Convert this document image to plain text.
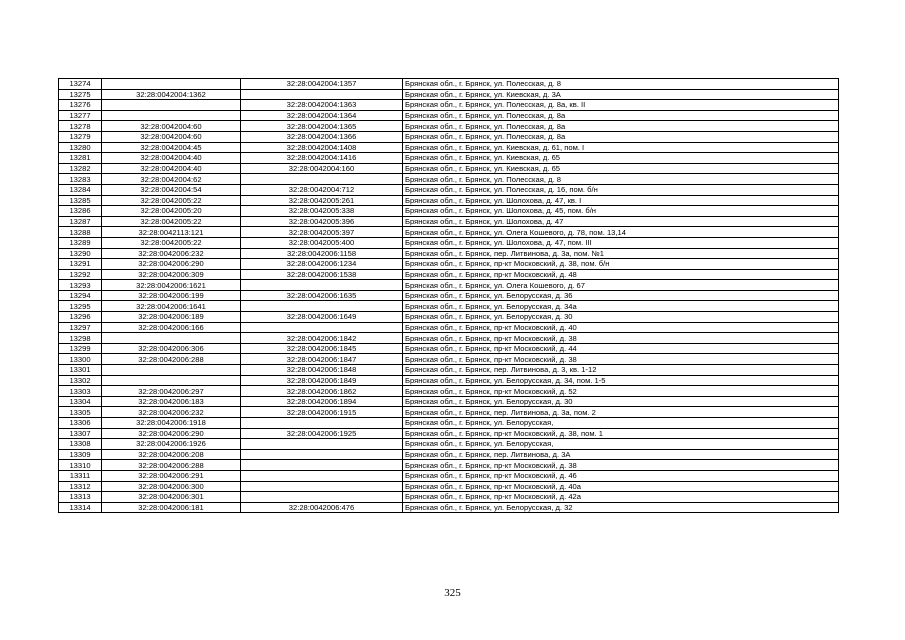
13274		32:28:0042004:1357	Брянская обл., г. Брянск, ул. Полесская, д. 8
13275	32:28:0042004:1362		Брянская обл., г. Брянск, ул. Киевская, д. 3А
13276		32:28:0042004:1363	Брянская обл., г. Брянск, ул. Полесская, д. 8а, кв. II
13277		32:28:0042004:1364	Брянская обл., г. Брянск, ул. Полесская, д. 8а
13278	32:28:0042004:60	32:28:0042004:1365	Брянская обл., г. Брянск, ул. Полесская, д. 8а
13279	32:28:0042004:60	32:28:0042004:1366	Брянская обл., г. Брянск, ул. Полесская, д. 8а
13280	32:28:0042004:45	32:28:0042004:1408	Брянская обл., г. Брянск, ул. Киевская, д. 61, пом. I
13281	32:28:0042004:40	32:28:0042004:1416	Брянская обл., г. Брянск, ул. Киевская, д. 65
13282	32:28:0042004:40	32:28:0042004:160	Брянская обл., г. Брянск, ул. Киевская, д. 65
13283	32:28:0042004:62		Брянская обл., г. Брянск, ул. Полесская, д. 8
13284	32:28:0042004:54	32:28:0042004:712	Брянская обл., г. Брянск, ул. Полесская, д. 16, пом. б/н
13285	32:28:0042005:22	32:28:0042005:261	Брянская обл., г. Брянск, ул. Шолохова, д. 47, кв. I
13286	32:28:0042005:20	32:28:0042005:338	Брянская обл., г. Брянск, ул. Шолохова, д. 45, пом. б/н
13287	32:28:0042005:22	32:28:0042005:396	Брянская обл., г. Брянск, ул. Шолохова, д. 47
13288	32:28:0042113:121	32:28:0042005:397	Брянская обл., г. Брянск, ул. Олега Кошевого, д. 78, пом. 13,14
13289	32:28:0042005:22	32:28:0042005:400	Брянская обл., г. Брянск, ул. Шолохова, д. 47, пом. III
13290	32:28:0042006:232	32:28:0042006:1158	Брянская обл., г. Брянск, пер. Литвинова, д. 3а, пом. №1
13291	32:28:0042006:290	32:28:0042006:1234	Брянская обл., г. Брянск, пр-кт Московский, д. 38, пом. б/н
13292	32:28:0042006:309	32:28:0042006:1538	Брянская обл., г. Брянск, пр-кт Московский, д. 48
13293	32:28:0042006:1621		Брянская обл., г. Брянск, ул. Олега Кошевого, д. 67
13294	32:28:0042006:199	32:28:0042006:1635	Брянская обл., г. Брянск, ул. Белорусская, д. 36
13295	32:28:0042006:1641		Брянская обл., г. Брянск, ул. Белорусская, д. 34а
13296	32:28:0042006:189	32:28:0042006:1649	Брянская обл., г. Брянск, ул. Белорусская, д. 30
13297	32:28:0042006:166		Брянская обл., г. Брянск, пр-кт Московский, д. 40
13298		32:28:0042006:1842	Брянская обл., г. Брянск, пр-кт Московский, д. 38
13299	32:28:0042006:306	32:28:0042006:1845	Брянская обл., г. Брянск, пр-кт Московский, д. 44
13300	32:28:0042006:288	32:28:0042006:1847	Брянская обл., г. Брянск, пр-кт Московский, д. 38
13301		32:28:0042006:1848	Брянская обл., г. Брянск, пер. Литвинова, д. 3, кв. 1-12
13302		32:28:0042006:1849	Брянская обл., г. Брянск, ул. Белорусская, д. 34, пом. 1-5
13303	32:28:0042006:297	32:28:0042006:1862	Брянская обл., г. Брянск, пр-кт Московский, д. 52
13304	32:28:0042006:183	32:28:0042006:1894	Брянская обл., г. Брянск, ул. Белорусская, д. 30
13305	32:28:0042006:232	32:28:0042006:1915	Брянская обл., г. Брянск, пер. Литвинова, д. 3а, пом. 2
13306	32:28:0042006:1918		Брянская обл., г. Брянск, ул. Белорусская,
13307	32:28:0042006:290	32:28:0042006:1925	Брянская обл., г. Брянск, пр-кт Московский, д. 38, пом. 1
13308	32:28:0042006:1926		Брянская обл., г. Брянск, ул. Белорусская,
13309	32:28:0042006:208		Брянская обл., г. Брянск, пер. Литвинова, д. 3А
13310	32:28:0042006:288		Брянская обл., г. Брянск, пр-кт Московский, д. 38
13311	32:28:0042006:291		Брянская обл., г. Брянск, пр-кт Московский, д. 46
13312	32:28:0042006:300		Брянская обл., г. Брянск, пр-кт Московский, д. 40а
13313	32:28:0042006:301		Брянская обл., г. Брянск, пр-кт Московский, д. 42а
13314	32:28:0042006:181	32:28:0042006:476	Брянская обл., г. Брянск, ул. Белорусская, д. 32
325
